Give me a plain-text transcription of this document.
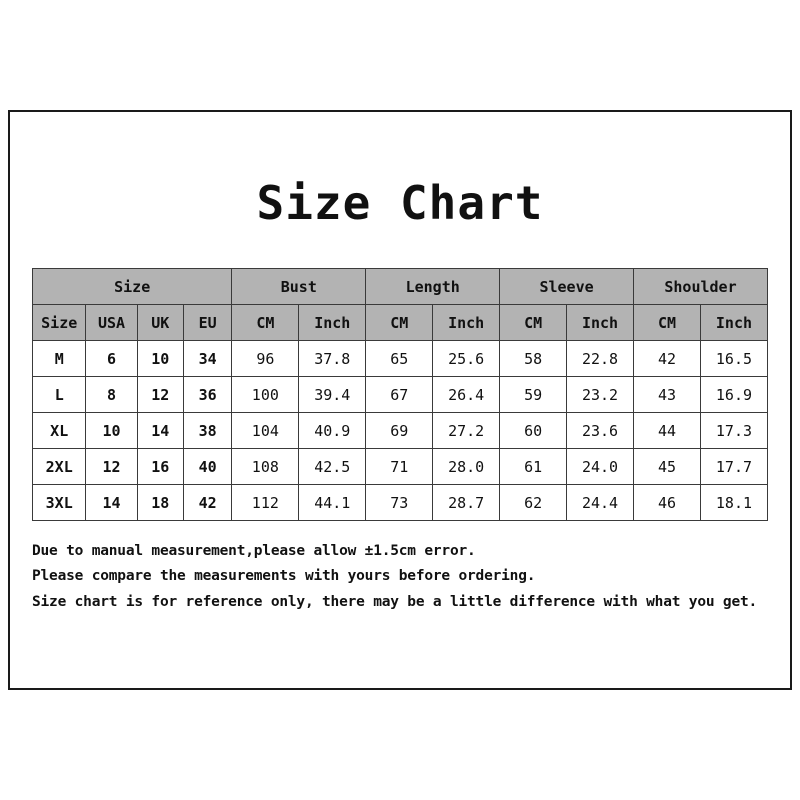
Size Chart
Size				Bust		Length		Sleeve		Shoulder	
Size	USA	UK	EU	CM	Inch	CM	Inch	CM	Inch	CM	Inch
M	6	10	34	96	37.8	65	25.6	58	22.8	42	16.5
L	8	12	36	100	39.4	67	26.4	59	23.2	43	16.9
XL	10	14	38	104	40.9	69	27.2	60	23.6	44	17.3
2XL	12	16	40	108	42.5	71	28.0	61	24.0	45	17.7
3XL	14	18	42	112	44.1	73	28.7	62	24.4	46	18.1
Due to manual measurement,please allow ±1.5cm error.
Please compare the measurements with yours before ordering.
Size chart is for reference only, there may be a little difference with what you get.
